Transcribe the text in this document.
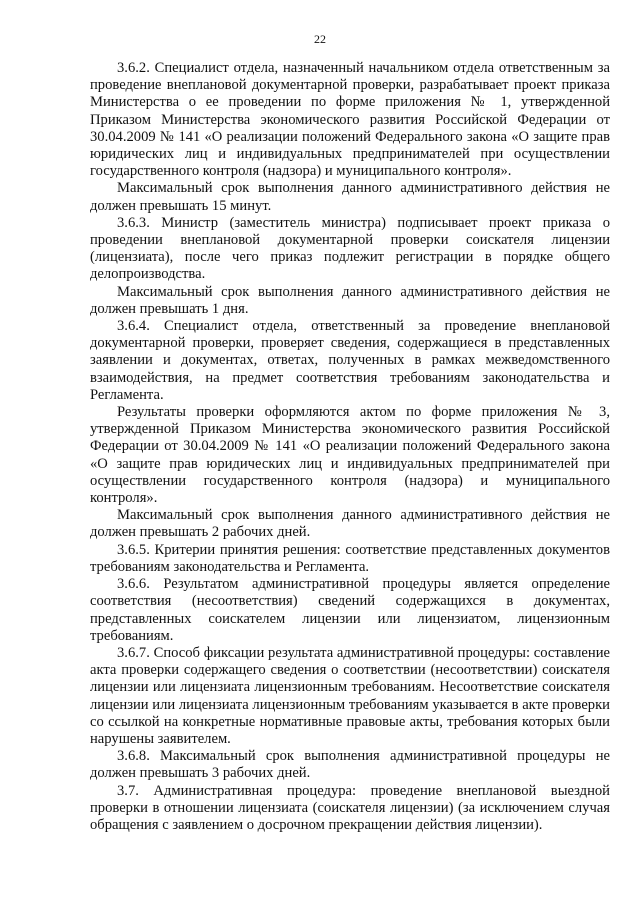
22

3.6.2. Специалист отдела, назначенный начальником отдела ответственным за проведение внеплановой документарной проверки, разрабатывает проект приказа Министерства о ее проведении по форме приложения № 1, утвержденной Приказом Министерства экономического развития Российской Федерации от 30.04.2009 № 141 «О реализации положений Федерального закона «О защите прав юридических лиц и индивидуальных предпринимателей при осуществлении государственного контроля (надзора) и муниципального контроля».

Максимальный срок выполнения данного административного действия не должен превышать 15 минут.

3.6.3. Министр (заместитель министра) подписывает проект приказа о проведении внеплановой документарной проверки соискателя лицензии (лицензиата), после чего приказ подлежит регистрации в порядке общего делопроизводства.

Максимальный срок выполнения данного административного действия не должен превышать 1 дня.

3.6.4. Специалист отдела, ответственный за проведение внеплановой документарной проверки, проверяет сведения, содержащиеся в представленных заявлении и документах, ответах, полученных в рамках межведомственного взаимодействия, на предмет соответствия требованиям законодательства и Регламента.

Результаты проверки оформляются актом по форме приложения № 3, утвержденной Приказом Министерства экономического развития Российской Федерации от 30.04.2009 № 141 «О реализации положений Федерального закона «О защите прав юридических лиц и индивидуальных предпринимателей при осуществлении государственного контроля (надзора) и муниципального контроля».

Максимальный срок выполнения данного административного действия не должен превышать 2 рабочих дней.

3.6.5. Критерии принятия решения: соответствие представленных документов требованиям законодательства и Регламента.

3.6.6. Результатом административной процедуры является определение соответствия (несоответствия) сведений содержащихся в документах, представленных соискателем лицензии или лицензиатом, лицензионным требованиям.

3.6.7. Способ фиксации результата административной процедуры: составление акта проверки содержащего сведения о соответствии (несоответствии) соискателя лицензии или лицензиата лицензионным требованиям. Несоответствие соискателя лицензии или лицензиата лицензионным требованиям указывается в акте проверки со ссылкой на конкретные нормативные правовые акты, требования которых были нарушены заявителем.

3.6.8. Максимальный срок выполнения административной процедуры не должен превышать 3 рабочих дней.

3.7. Административная процедура: проведение внеплановой выездной проверки в отношении лицензиата (соискателя лицензии) (за исключением случая обращения с заявлением о досрочном прекращении действия лицензии).
